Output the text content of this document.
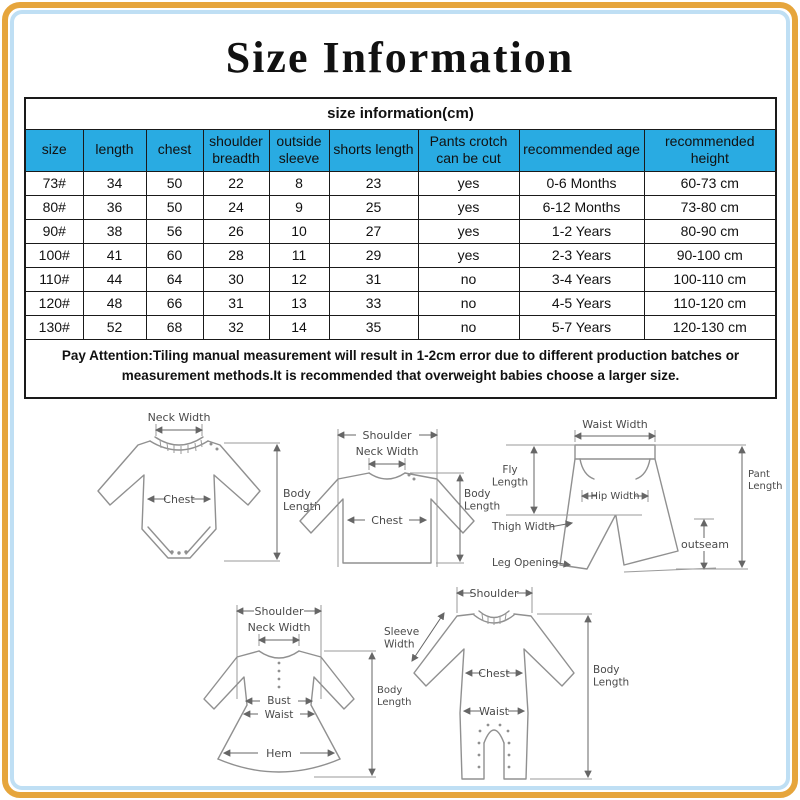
Size Information
size information(cm)								
size	length	chest	shoulder breadth	outside sleeve	shorts length	Pants crotch can be cut	recommended age	recommended height
73#	34	50	22	8	23	yes	0-6 Months	60-73 cm
80#	36	50	24	9	25	yes	6-12 Months	73-80 cm
90#	38	56	26	10	27	yes	1-2 Years	80-90 cm
100#	41	60	28	11	29	yes	2-3 Years	90-100 cm
110#	44	64	30	12	31	no	3-4 Years	100-110 cm
120#	48	66	31	13	33	no	4-5 Years	110-120 cm
130#	52	68	32	14	35	no	5-7 Years	120-130 cm
Pay Attention:Tiling manual measurement will result in 1-2cm error due to different production batches or measurement methods.It is recommended that overweight babies choose a larger size.								
Neck Width
Chest	Body Length
Shoulder
Neck Width
Chest
Body Length
Waist Width
Fly Length
Hip Width
Thigh Width
Leg Opening
outseam
Pant Length
Shoulder
Neck Width
Bust
Waist
Hem
Body Length
Shoulder
Sleeve Width
Chest
Waist
Body Length
